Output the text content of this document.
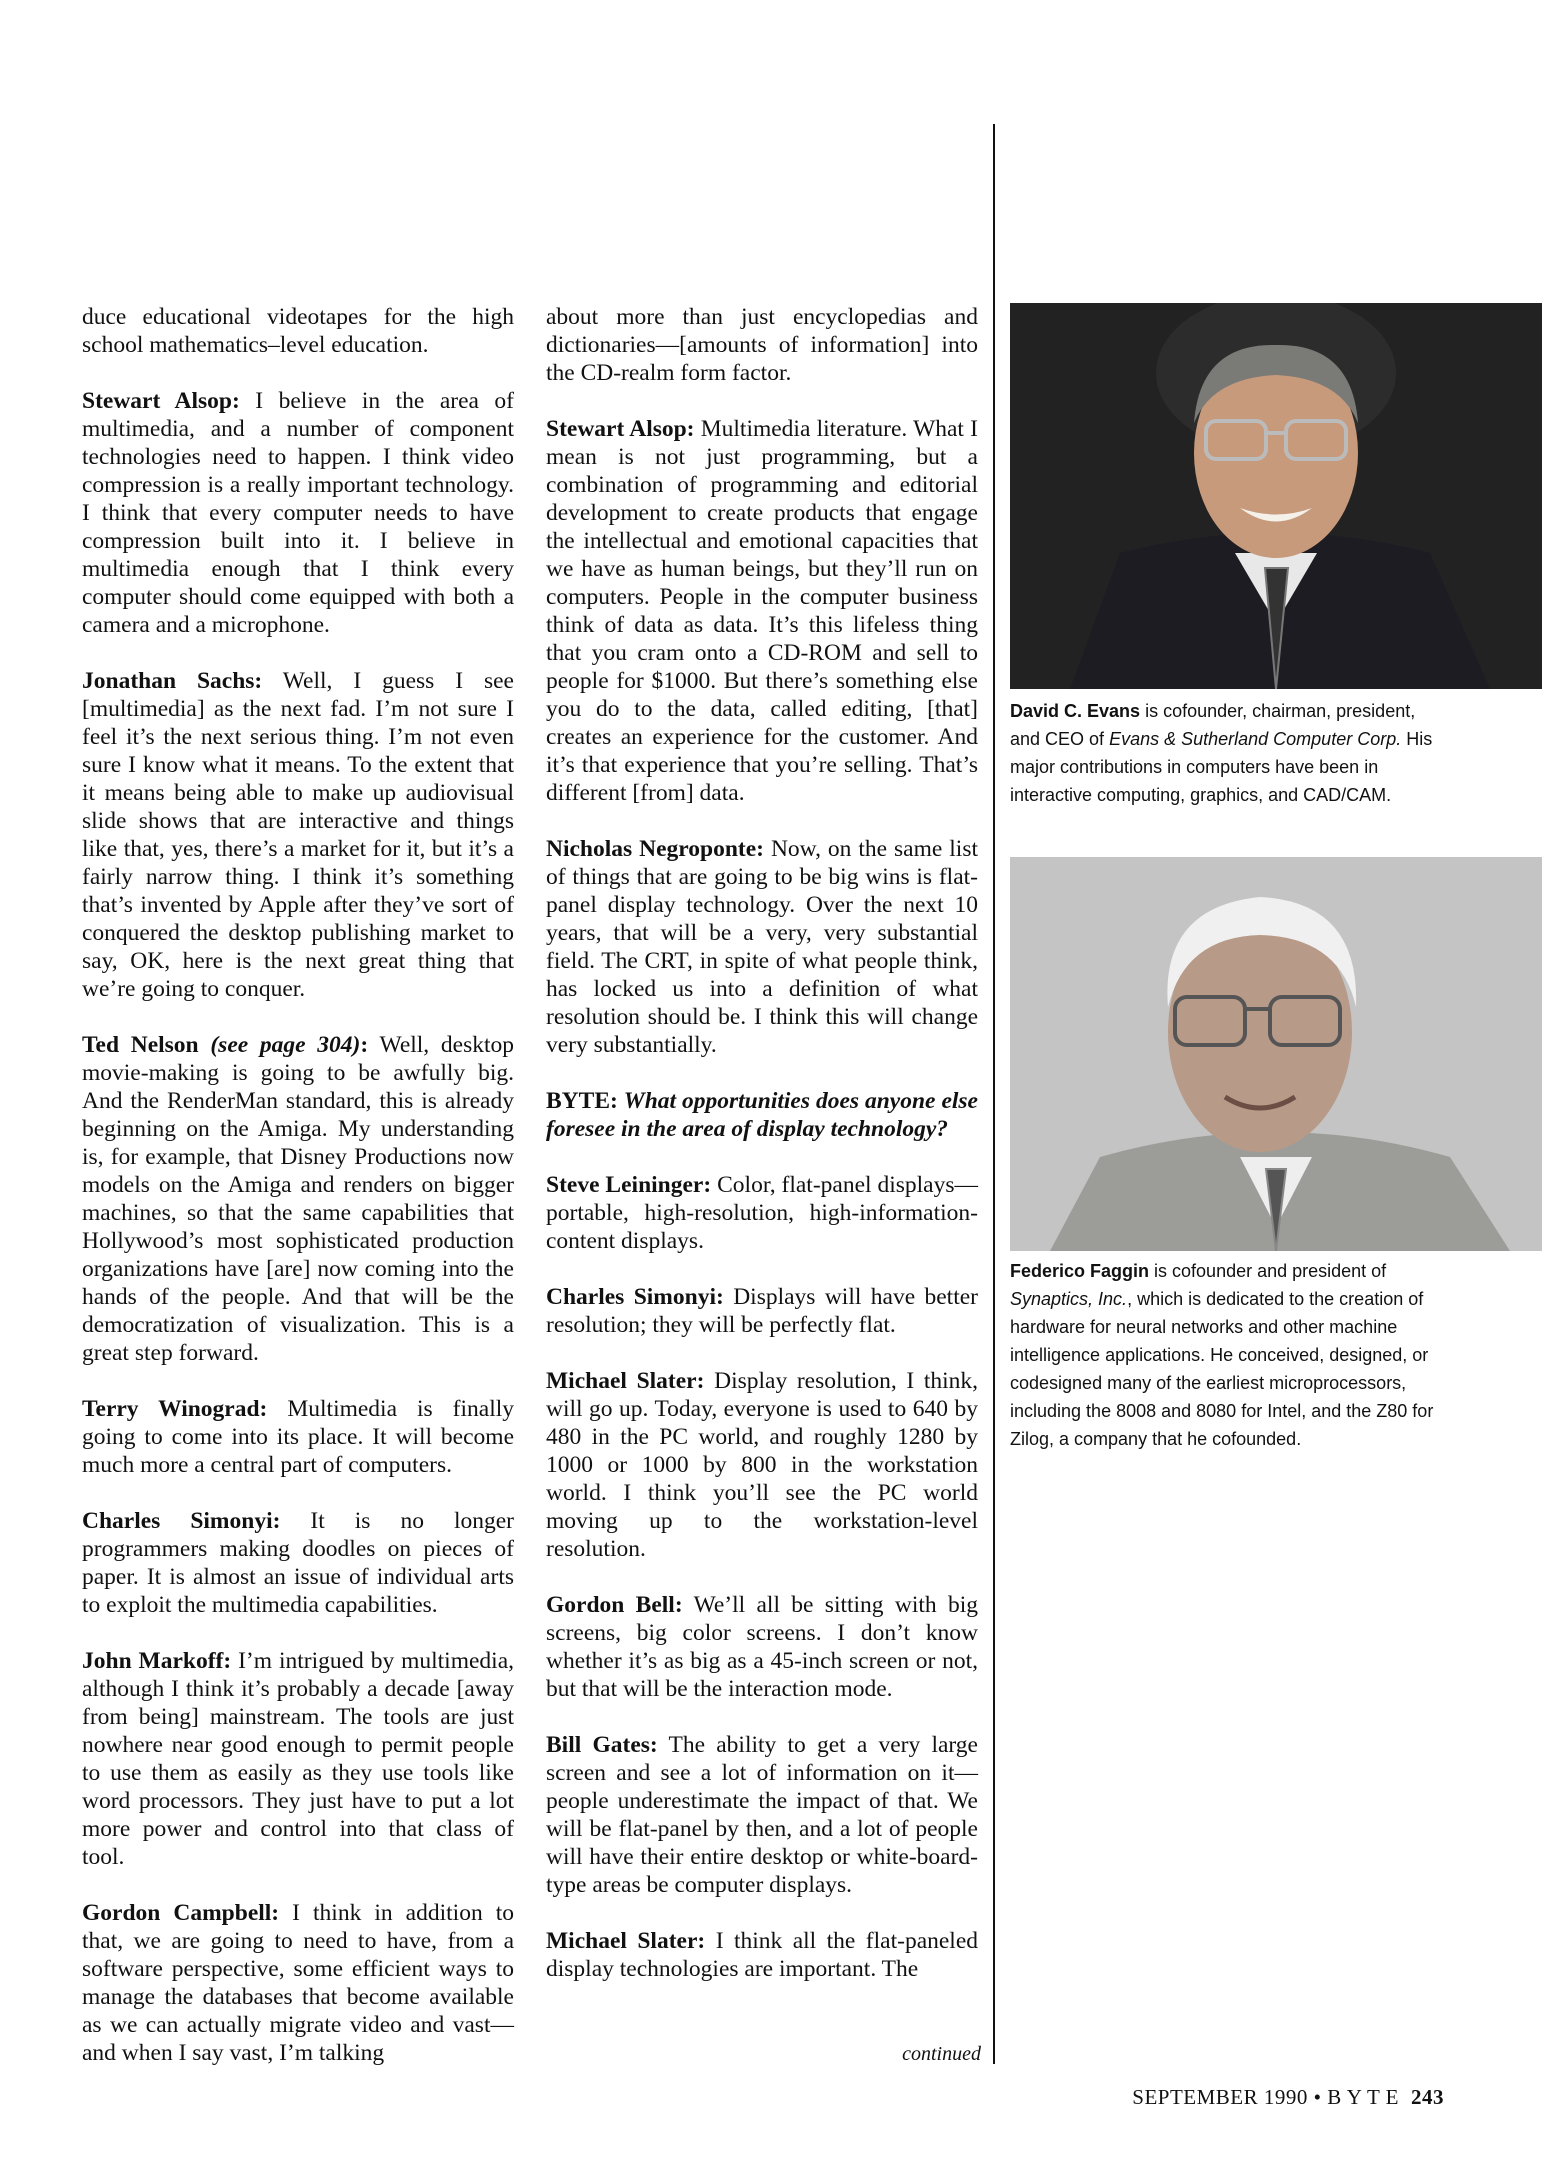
duce educational videotapes for the high school mathematics–level education.

Stewart Alsop: I believe in the area of multimedia, and a number of component technologies need to happen. I think video compression is a really important technology. I think that every computer needs to have compression built into it. I believe in multimedia enough that I think every computer should come equipped with both a camera and a microphone.

Jonathan Sachs: Well, I guess I see [multimedia] as the next fad. I’m not sure I feel it’s the next serious thing. I’m not even sure I know what it means. To the extent that it means being able to make up audiovisual slide shows that are interactive and things like that, yes, there’s a market for it, but it’s a fairly narrow thing. I think it’s something that’s invented by Apple after they’ve sort of conquered the desktop publishing market to say, OK, here is the next great thing that we’re going to conquer.

Ted Nelson (see page 304): Well, desktop movie-making is going to be awfully big. And the RenderMan standard, this is already beginning on the Amiga. My understanding is, for example, that Disney Productions now models on the Amiga and renders on bigger machines, so that the same capabilities that Hollywood’s most sophisticated production organizations have [are] now coming into the hands of the people. And that will be the democratization of visualization. This is a great step forward.

Terry Winograd: Multimedia is finally going to come into its place. It will become much more a central part of computers.

Charles Simonyi: It is no longer programmers making doodles on pieces of paper. It is almost an issue of individual arts to exploit the multimedia capabilities.

John Markoff: I’m intrigued by multimedia, although I think it’s probably a decade [away from being] mainstream. The tools are just nowhere near good enough to permit people to use them as easily as they use tools like word processors. They just have to put a lot more power and control into that class of tool.

Gordon Campbell: I think in addition to that, we are going to need to have, from a software perspective, some efficient ways to manage the databases that become available as we can actually migrate video and vast—and when I say vast, I’m talking

about more than just encyclopedias and dictionaries—[amounts of information] into the CD-realm form factor.

Stewart Alsop: Multimedia literature. What I mean is not just programming, but a combination of programming and editorial development to create products that engage the intellectual and emotional capacities that we have as human beings, but they’ll run on computers. People in the computer business think of data as data. It’s this lifeless thing that you cram onto a CD-ROM and sell to people for $1000. But there’s something else you do to the data, called editing, [that] creates an experience for the customer. And it’s that experience that you’re selling. That’s different [from] data.

Nicholas Negroponte: Now, on the same list of things that are going to be big wins is flat-panel display technology. Over the next 10 years, that will be a very, very substantial field. The CRT, in spite of what people think, has locked us into a definition of what resolution should be. I think this will change very substantially.

BYTE: What opportunities does anyone else foresee in the area of display technology?

Steve Leininger: Color, flat-panel displays—portable, high-resolution, high-information-content displays.

Charles Simonyi: Displays will have better resolution; they will be perfectly flat.

Michael Slater: Display resolution, I think, will go up. Today, everyone is used to 640 by 480 in the PC world, and roughly 1280 by 1000 or 1000 by 800 in the workstation world. I think you’ll see the PC world moving up to the workstation-level resolution.

Gordon Bell: We’ll all be sitting with big screens, big color screens. I don’t know whether it’s as big as a 45-inch screen or not, but that will be the interaction mode.

Bill Gates: The ability to get a very large screen and see a lot of information on it—people underestimate the impact of that. We will be flat-panel by then, and a lot of people will have their entire desktop or white-board-type areas be computer displays.

Michael Slater: I think all the flat-paneled display technologies are important. The

continued
David C. Evans is cofounder, chairman, president, and CEO of Evans & Sutherland Computer Corp. His major contributions in computers have been in interactive computing, graphics, and CAD/CAM.
Federico Faggin is cofounder and president of Synaptics, Inc., which is dedicated to the creation of hardware for neural networks and other machine intelligence applications. He conceived, designed, or codesigned many of the earliest microprocessors, including the 8008 and 8080 for Intel, and the Z80 for Zilog, a company that he cofounded.
SEPTEMBER 1990 • B Y T E 243
